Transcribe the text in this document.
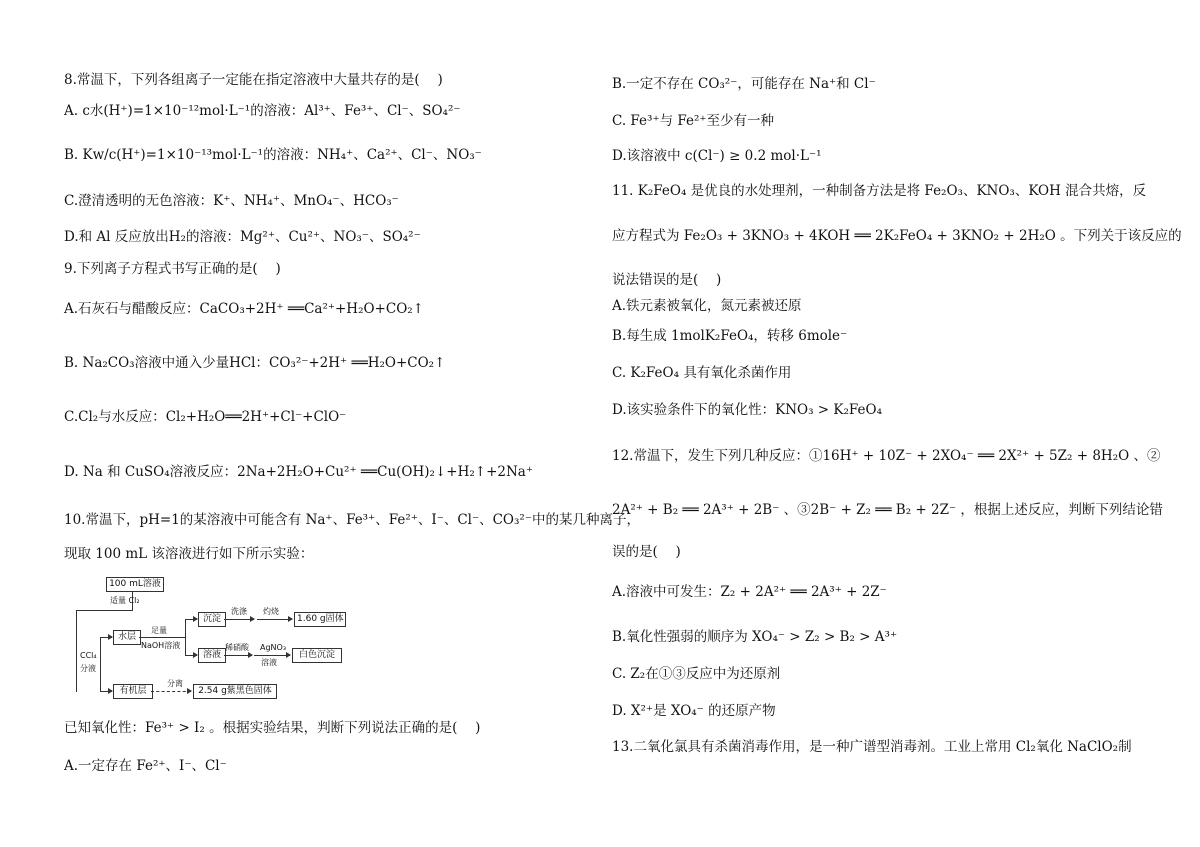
8.常温下，下列各组离子一定能在指定溶液中大量共存的是(　 )
A. c水(H⁺)=1×10⁻¹²mol·L⁻¹的溶液：Al³⁺、Fe³⁺、Cl⁻、SO₄²⁻
B. Kw/c(H⁺)=1×10⁻¹³mol·L⁻¹的溶液：NH₄⁺、Ca²⁺、Cl⁻、NO₃⁻
C.澄清透明的无色溶液：K⁺、NH₄⁺、MnO₄⁻、HCO₃⁻
D.和 Al 反应放出H₂的溶液：Mg²⁺、Cu²⁺、NO₃⁻、SO₄²⁻
9.下列离子方程式书写正确的是(　 )
A.石灰石与醋酸反应：CaCO₃+2H⁺ ══Ca²⁺+H₂O+CO₂↑
B. Na₂CO₃溶液中通入少量HCl：CO₃²⁻+2H⁺ ══H₂O+CO₂↑
C.Cl₂与水反应：Cl₂+H₂O══2H⁺+Cl⁻+ClO⁻
D. Na 和 CuSO₄溶液反应：2Na+2H₂O+Cu²⁺ ══Cu(OH)₂↓+H₂↑+2Na⁺
10.常温下，pH=1的某溶液中可能含有 Na⁺、Fe³⁺、Fe²⁺、I⁻、Cl⁻、CO₃²⁻中的某几种离子，
现取 100 mL 该溶液进行如下所示实验：
100 mL溶液
适量 Cl₂
CCl₄
分液
水层
足量
NaOH溶液
沉淀
洗涤 灼烧
1.60 g固体
溶液
稀硝酸 AgNO₃
溶液
白色沉淀
有机层
分离
2.54 g紫黑色固体
已知氧化性：Fe³⁺ > I₂ 。根据实验结果，判断下列说法正确的是(　 )
A.一定存在 Fe²⁺、I⁻、Cl⁻
B.一定不存在 CO₃²⁻，可能存在 Na⁺和 Cl⁻
C. Fe³⁺与 Fe²⁺至少有一种
D.该溶液中 c(Cl⁻) ≥ 0.2 mol·L⁻¹
11. K₂FeO₄ 是优良的水处理剂，一种制备方法是将 Fe₂O₃、KNO₃、KOH 混合共熔，反
应方程式为 Fe₂O₃ + 3KNO₃ + 4KOH ══ 2K₂FeO₄ + 3KNO₂ + 2H₂O 。下列关于该反应的
说法错误的是(　 )
A.铁元素被氧化，氮元素被还原
B.每生成 1molK₂FeO₄，转移 6mole⁻
C. K₂FeO₄ 具有氧化杀菌作用
D.该实验条件下的氧化性：KNO₃ > K₂FeO₄
12.常温下，发生下列几种反应：①16H⁺ + 10Z⁻ + 2XO₄⁻ ══ 2X²⁺ + 5Z₂ + 8H₂O 、②
2A²⁺ + B₂ ══ 2A³⁺ + 2B⁻ 、③2B⁻ + Z₂ ══ B₂ + 2Z⁻ ，根据上述反应，判断下列结论错
误的是(　 )
A.溶液中可发生：Z₂ + 2A²⁺ ══ 2A³⁺ + 2Z⁻
B.氧化性强弱的顺序为 XO₄⁻ > Z₂ > B₂ > A³⁺
C. Z₂在①③反应中为还原剂
D. X²⁺是 XO₄⁻ 的还原产物
13.二氧化氯具有杀菌消毒作用，是一种广谱型消毒剂。工业上常用 Cl₂氧化 NaClO₂制
